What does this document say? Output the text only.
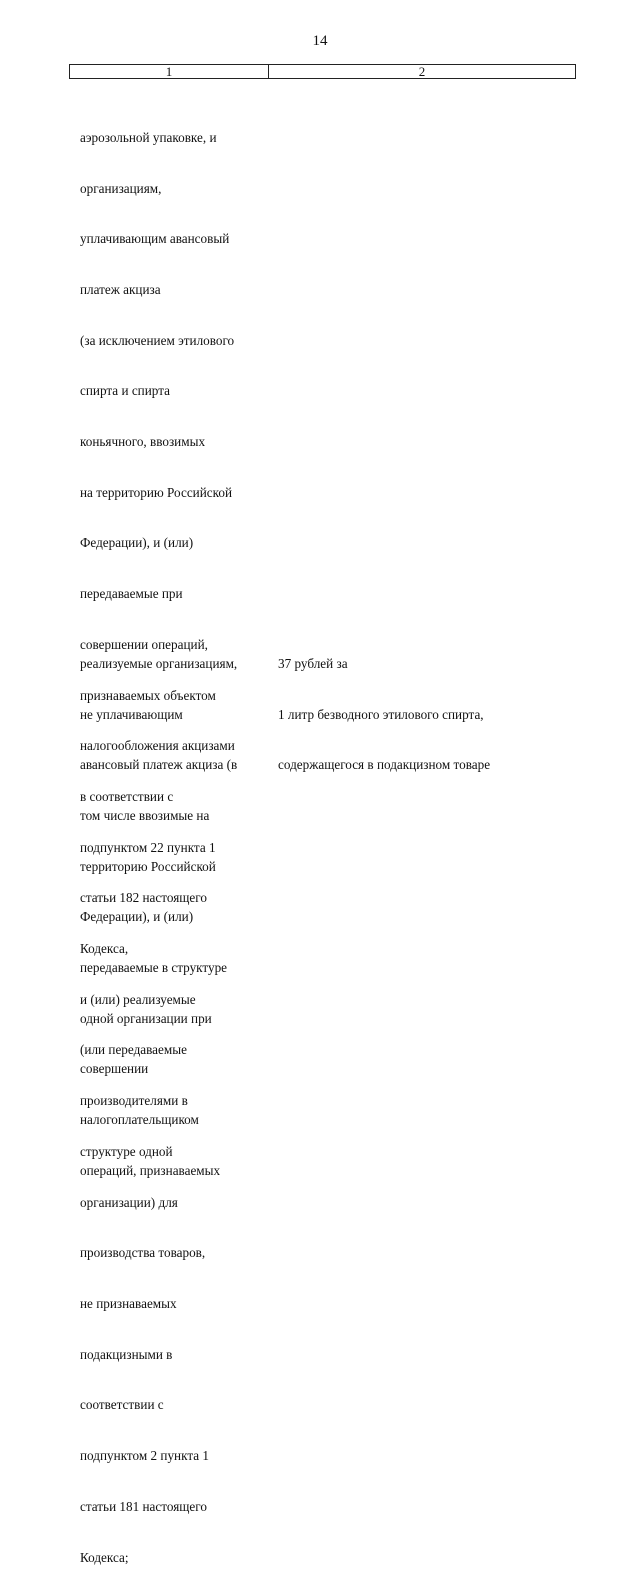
14
1	2

аэрозольной упаковке, и

организациям,

уплачивающим авансовый

платеж акциза

(за исключением этилового

спирта и спирта

коньячного, ввозимых

на территорию Российской

Федерации), и (или)

передаваемые при

совершении операций,

признаваемых объектом

налогообложения акцизами

в соответствии с

подпунктом 22 пункта 1

статьи 182 настоящего

Кодекса,

и (или) реализуемые

(или передаваемые

производителями в

структуре одной

организации) для

производства товаров,

не признаваемых

подакцизными в

соответствии с

подпунктом 2 пункта 1

статьи 181 настоящего

Кодекса;

реализуемые организациям,

не уплачивающим

авансовый платеж акциза (в

том числе ввозимые на

территорию Российской

Федерации), и (или)

передаваемые в структуре

одной организации при

совершении

налогоплательщиком

операций, признаваемых

37 рублей за

1 литр безводного этилового спирта,

содержащегося в подакцизном товаре
